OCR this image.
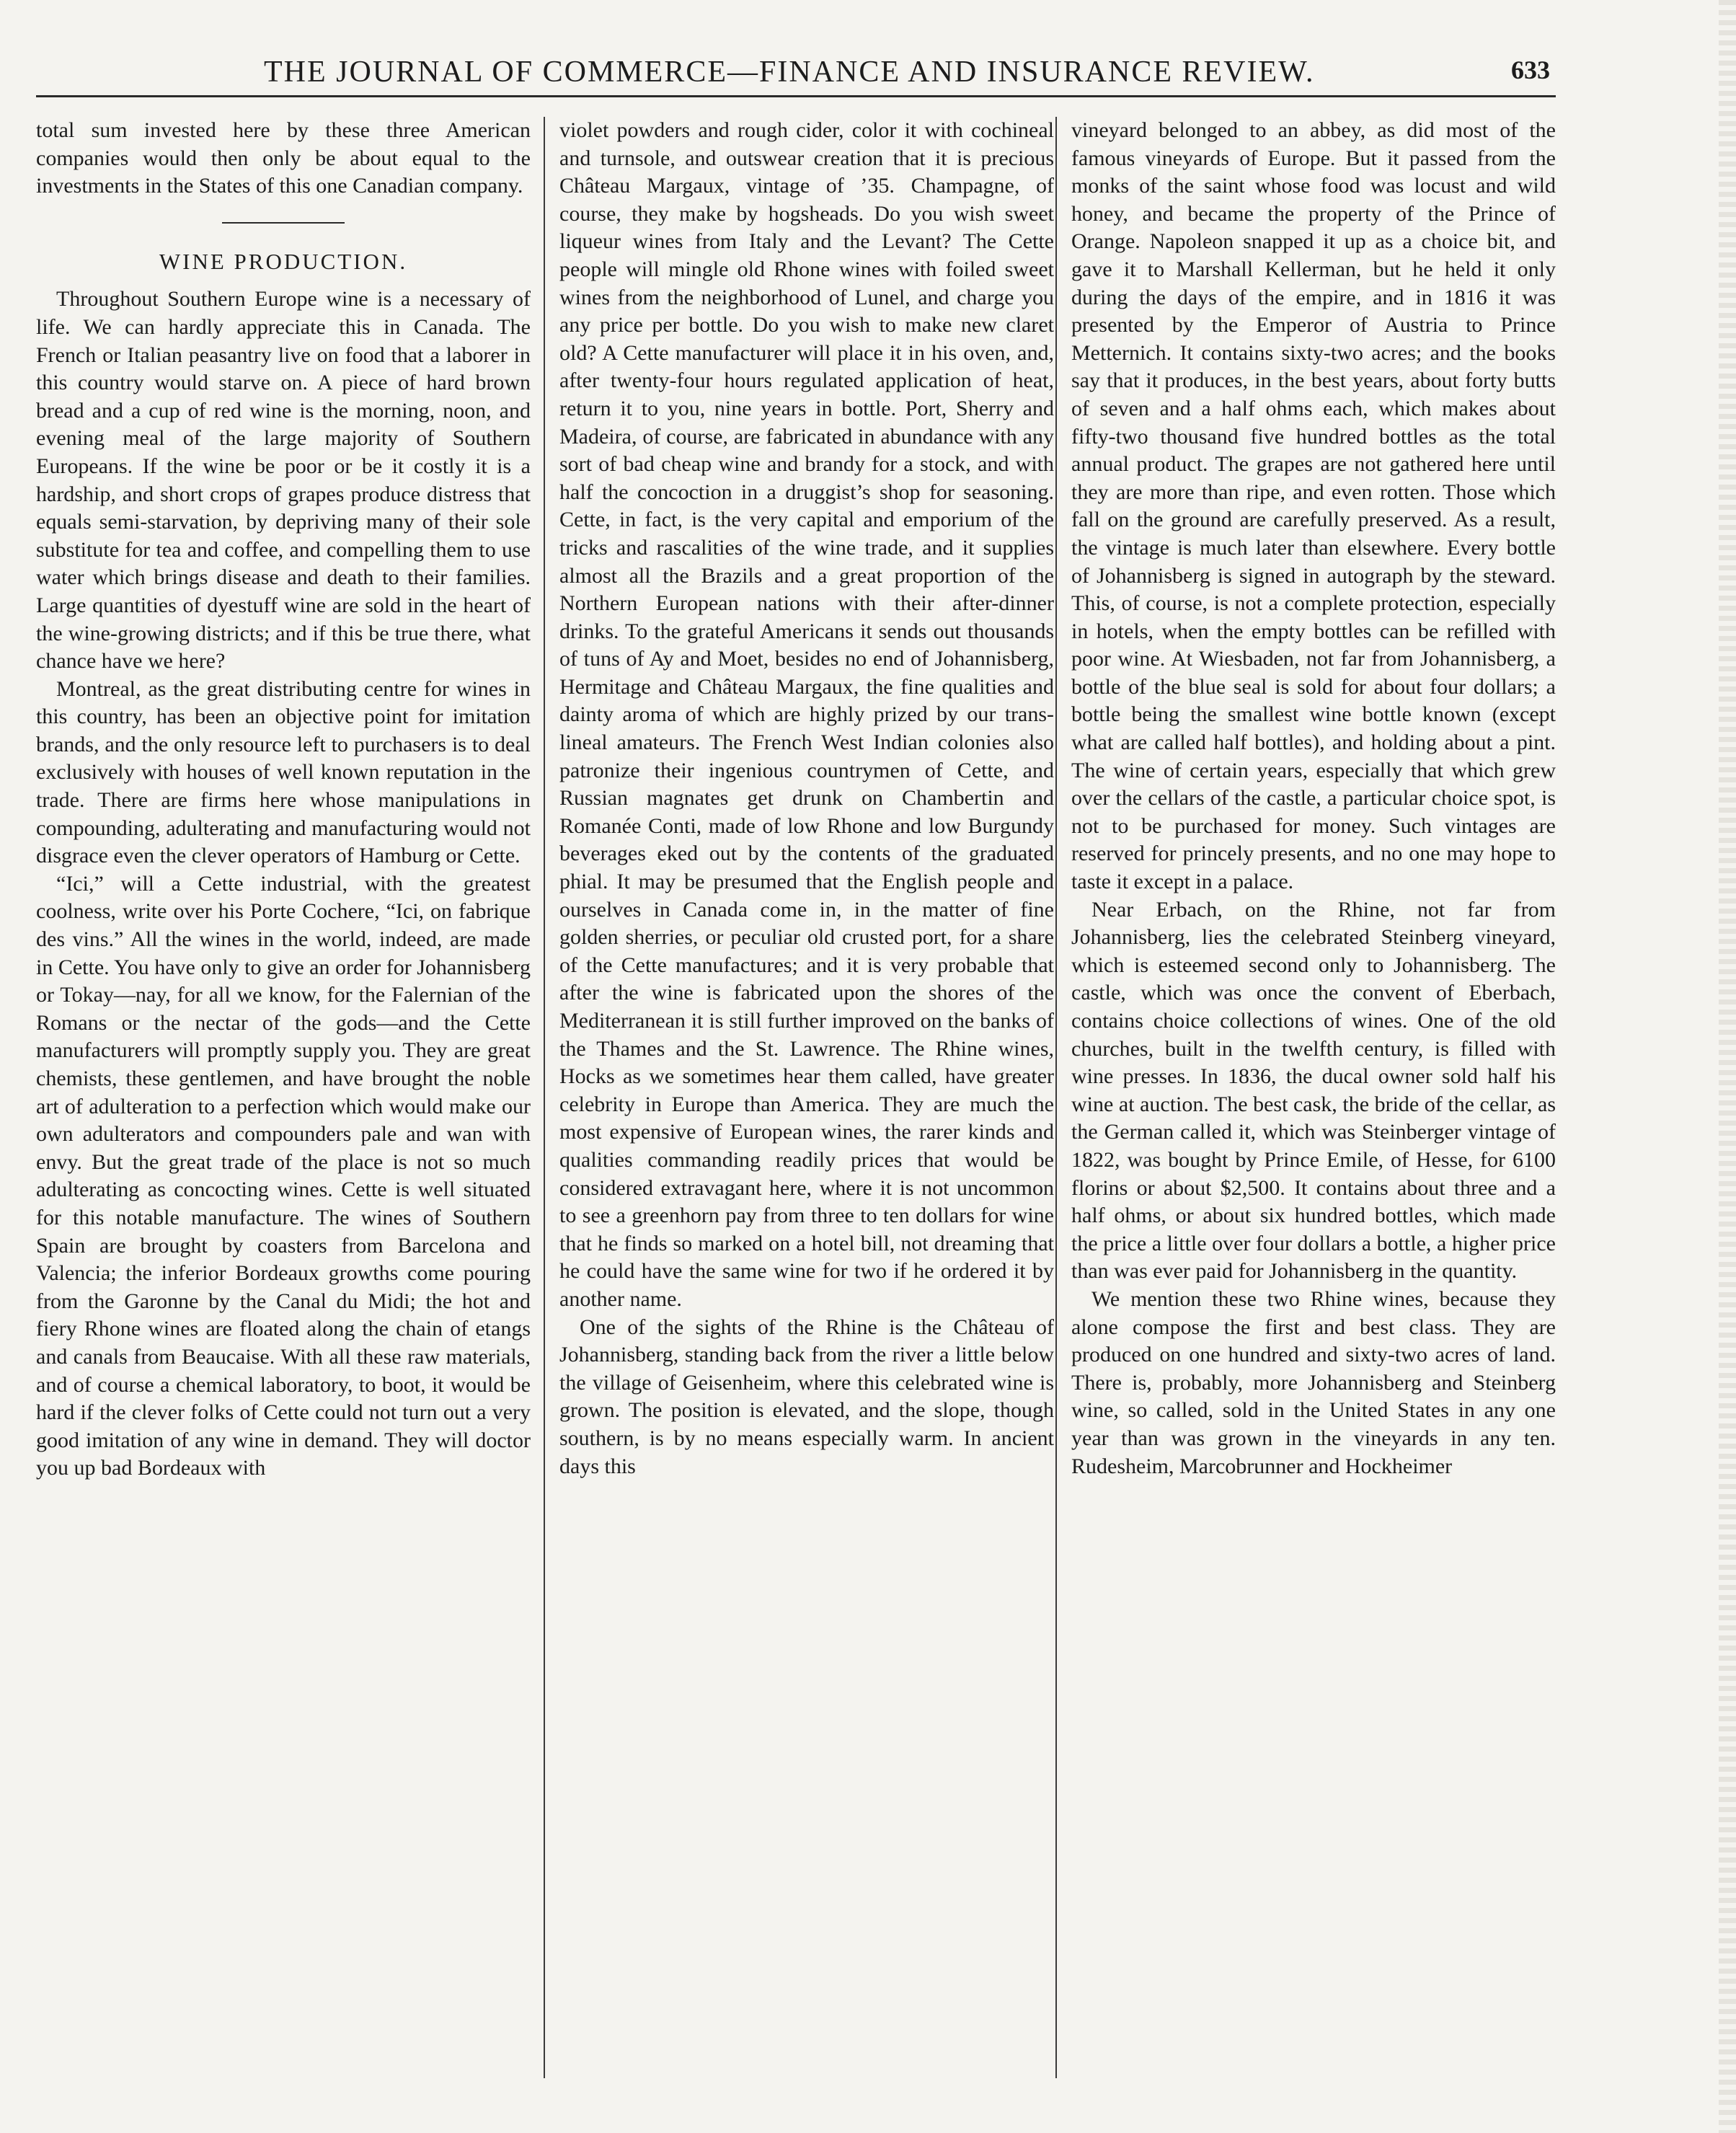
THE JOURNAL OF COMMERCE—FINANCE AND INSURANCE REVIEW.	633

total sum invested here by these three American companies would then only be about equal to the investments in the States of this one Canadian company.

WINE PRODUCTION.

Throughout Southern Europe wine is a necessary of life. We can hardly appreciate this in Canada. The French or Italian peasantry live on food that a laborer in this country would starve on. A piece of hard brown bread and a cup of red wine is the morning, noon, and evening meal of the large majority of Southern Europeans. If the wine be poor or be it costly it is a hardship, and short crops of grapes produce distress that equals semi-starvation, by depriving many of their sole substitute for tea and coffee, and compelling them to use water which brings disease and death to their families. Large quantities of dyestuff wine are sold in the heart of the wine-growing districts; and if this be true there, what chance have we here?

Montreal, as the great distributing centre for wines in this country, has been an objective point for imitation brands, and the only resource left to purchasers is to deal exclusively with houses of well known reputation in the trade. There are firms here whose manipulations in compounding, adulterating and manufacturing would not disgrace even the clever operators of Hamburg or Cette.

“Ici,” will a Cette industrial, with the greatest coolness, write over his Porte Cochere, “Ici, on fabrique des vins.” All the wines in the world, indeed, are made in Cette. You have only to give an order for Johannisberg or Tokay—nay, for all we know, for the Falernian of the Romans or the nectar of the gods—and the Cette manufacturers will promptly supply you. They are great chemists, these gentlemen, and have brought the noble art of adulteration to a perfection which would make our own adulterators and compounders pale and wan with envy. But the great trade of the place is not so much adulterating as concocting wines. Cette is well situated for this notable manufacture. The wines of Southern Spain are brought by coasters from Barcelona and Valencia; the inferior Bordeaux growths come pouring from the Garonne by the Canal du Midi; the hot and fiery Rhone wines are floated along the chain of etangs and canals from Beaucaise. With all these raw materials, and of course a chemical laboratory, to boot, it would be hard if the clever folks of Cette could not turn out a very good imitation of any wine in demand. They will doctor you up bad Bordeaux with

violet powders and rough cider, color it with cochineal and turnsole, and outswear creation that it is precious Château Margaux, vintage of ’35. Champagne, of course, they make by hogsheads. Do you wish sweet liqueur wines from Italy and the Levant? The Cette people will mingle old Rhone wines with foiled sweet wines from the neighborhood of Lunel, and charge you any price per bottle. Do you wish to make new claret old? A Cette manufacturer will place it in his oven, and, after twenty-four hours regulated application of heat, return it to you, nine years in bottle. Port, Sherry and Madeira, of course, are fabricated in abundance with any sort of bad cheap wine and brandy for a stock, and with half the concoction in a druggist’s shop for seasoning. Cette, in fact, is the very capital and emporium of the tricks and rascalities of the wine trade, and it supplies almost all the Brazils and a great proportion of the Northern European nations with their after-dinner drinks. To the grateful Americans it sends out thousands of tuns of Ay and Moet, besides no end of Johannisberg, Hermitage and Château Margaux, the fine qualities and dainty aroma of which are highly prized by our trans-lineal amateurs. The French West Indian colonies also patronize their ingenious countrymen of Cette, and Russian magnates get drunk on Chambertin and Romanée Conti, made of low Rhone and low Burgundy beverages eked out by the contents of the graduated phial. It may be presumed that the English people and ourselves in Canada come in, in the matter of fine golden sherries, or peculiar old crusted port, for a share of the Cette manufactures; and it is very probable that after the wine is fabricated upon the shores of the Mediterranean it is still further improved on the banks of the Thames and the St. Lawrence. The Rhine wines, Hocks as we sometimes hear them called, have greater celebrity in Europe than America. They are much the most expensive of European wines, the rarer kinds and qualities commanding readily prices that would be considered extravagant here, where it is not uncommon to see a greenhorn pay from three to ten dollars for wine that he finds so marked on a hotel bill, not dreaming that he could have the same wine for two if he ordered it by another name.

One of the sights of the Rhine is the Château of Johannisberg, standing back from the river a little below the village of Geisenheim, where this celebrated wine is grown. The position is elevated, and the slope, though southern, is by no means especially warm. In ancient days this

vineyard belonged to an abbey, as did most of the famous vineyards of Europe. But it passed from the monks of the saint whose food was locust and wild honey, and became the property of the Prince of Orange. Napoleon snapped it up as a choice bit, and gave it to Marshall Kellerman, but he held it only during the days of the empire, and in 1816 it was presented by the Emperor of Austria to Prince Metternich. It contains sixty-two acres; and the books say that it produces, in the best years, about forty butts of seven and a half ohms each, which makes about fifty-two thousand five hundred bottles as the total annual product. The grapes are not gathered here until they are more than ripe, and even rotten. Those which fall on the ground are carefully preserved. As a result, the vintage is much later than elsewhere. Every bottle of Johannisberg is signed in autograph by the steward. This, of course, is not a complete protection, especially in hotels, when the empty bottles can be refilled with poor wine. At Wiesbaden, not far from Johannisberg, a bottle of the blue seal is sold for about four dollars; a bottle being the smallest wine bottle known (except what are called half bottles), and holding about a pint. The wine of certain years, especially that which grew over the cellars of the castle, a particular choice spot, is not to be purchased for money. Such vintages are reserved for princely presents, and no one may hope to taste it except in a palace.

Near Erbach, on the Rhine, not far from Johannisberg, lies the celebrated Steinberg vineyard, which is esteemed second only to Johannisberg. The castle, which was once the convent of Eberbach, contains choice collections of wines. One of the old churches, built in the twelfth century, is filled with wine presses. In 1836, the ducal owner sold half his wine at auction. The best cask, the bride of the cellar, as the German called it, which was Steinberger vintage of 1822, was bought by Prince Emile, of Hesse, for 6100 florins or about $2,500. It contains about three and a half ohms, or about six hundred bottles, which made the price a little over four dollars a bottle, a higher price than was ever paid for Johannisberg in the quantity.

We mention these two Rhine wines, because they alone compose the first and best class. They are produced on one hundred and sixty-two acres of land. There is, probably, more Johannisberg and Steinberg wine, so called, sold in the United States in any one year than was grown in the vineyards in any ten. Rudesheim, Marcobrunner and Hockheimer
